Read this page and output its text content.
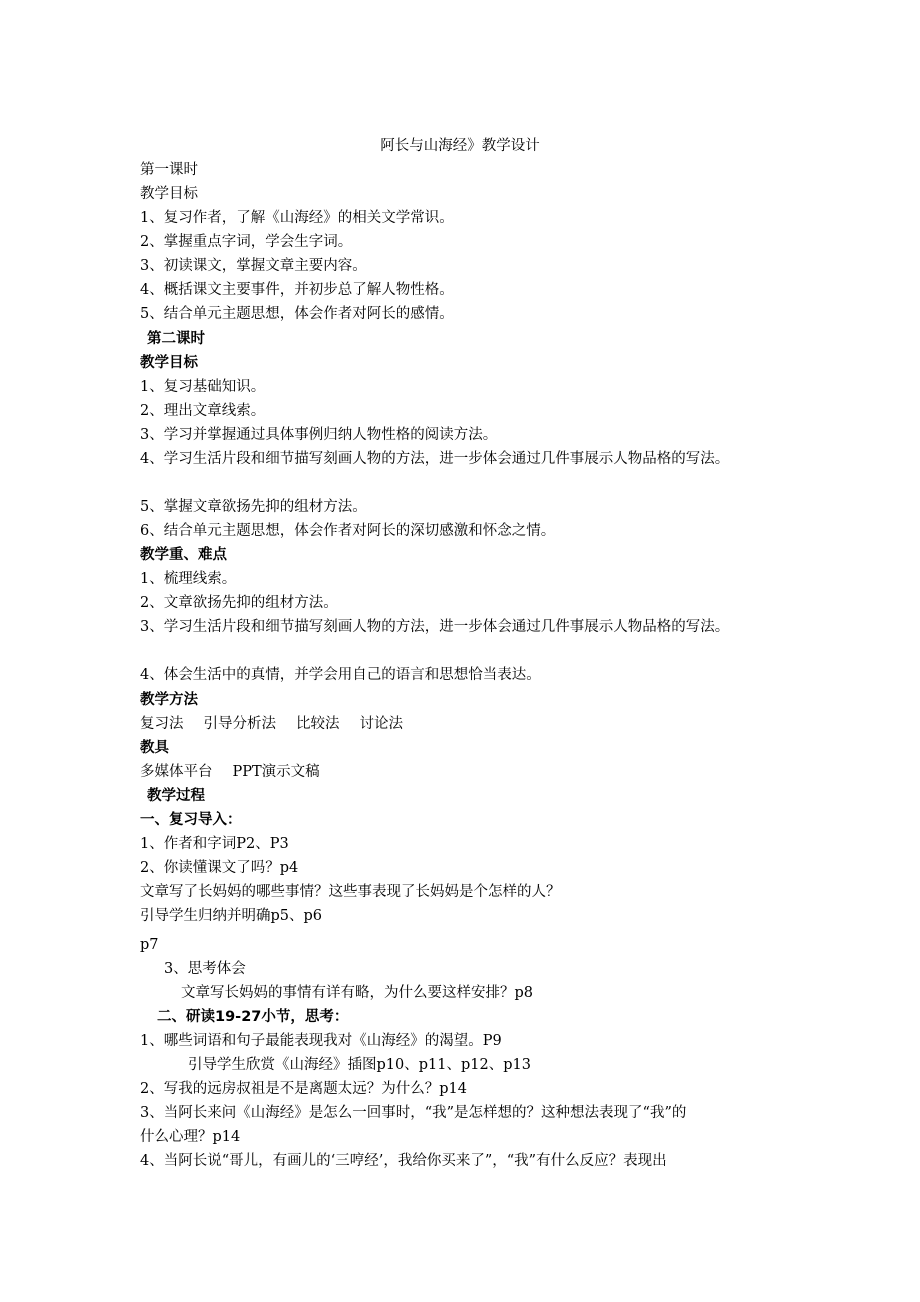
阿长与山海经》教学设计
第一课时
教学目标
1、复习作者，了解《山海经》的相关文学常识。
2、掌握重点字词，学会生字词。
3、初读课文，掌握文章主要内容。
4、概括课文主要事件，并初步总了解人物性格。
5、结合单元主题思想，体会作者对阿长的感情。
第二课时
教学目标
1、复习基础知识。
2、理出文章线索。
3、学习并掌握通过具体事例归纳人物性格的阅读方法。
4、学习生活片段和细节描写刻画人物的方法，进一步体会通过几件事展示人物品格的写法。
5、掌握文章欲扬先抑的组材方法。
6、结合单元主题思想，体会作者对阿长的深切感激和怀念之情。
教学重、难点
1、梳理线索。
2、文章欲扬先抑的组材方法。
3、学习生活片段和细节描写刻画人物的方法，进一步体会通过几件事展示人物品格的写法。
4、体会生活中的真情，并学会用自己的语言和思想恰当表达。
教学方法
复习法 引导分析法 比较法 讨论法
教具
多媒体平台 PPT演示文稿
教学过程
一、复习导入：
1、作者和字词P2、P3
2、你读懂课文了吗？p4
文章写了长妈妈的哪些事情？这些事表现了长妈妈是个怎样的人？
引导学生归纳并明确p5、p6
p7
3、思考体会
文章写长妈妈的事情有详有略，为什么要这样安排？p8
二、研读19-27小节，思考：
1、哪些词语和句子最能表现我对《山海经》的渴望。P9
引导学生欣赏《山海经》插图p10、p11、p12、p13
2、写我的远房叔祖是不是离题太远？为什么？p14
3、当阿长来问《山海经》是怎么一回事时，“我”是怎样想的？这种想法表现了“我”的
什么心理？p14
4、当阿长说“哥儿，有画儿的‘三哼经’，我给你买来了”，“我”有什么反应？表现出
